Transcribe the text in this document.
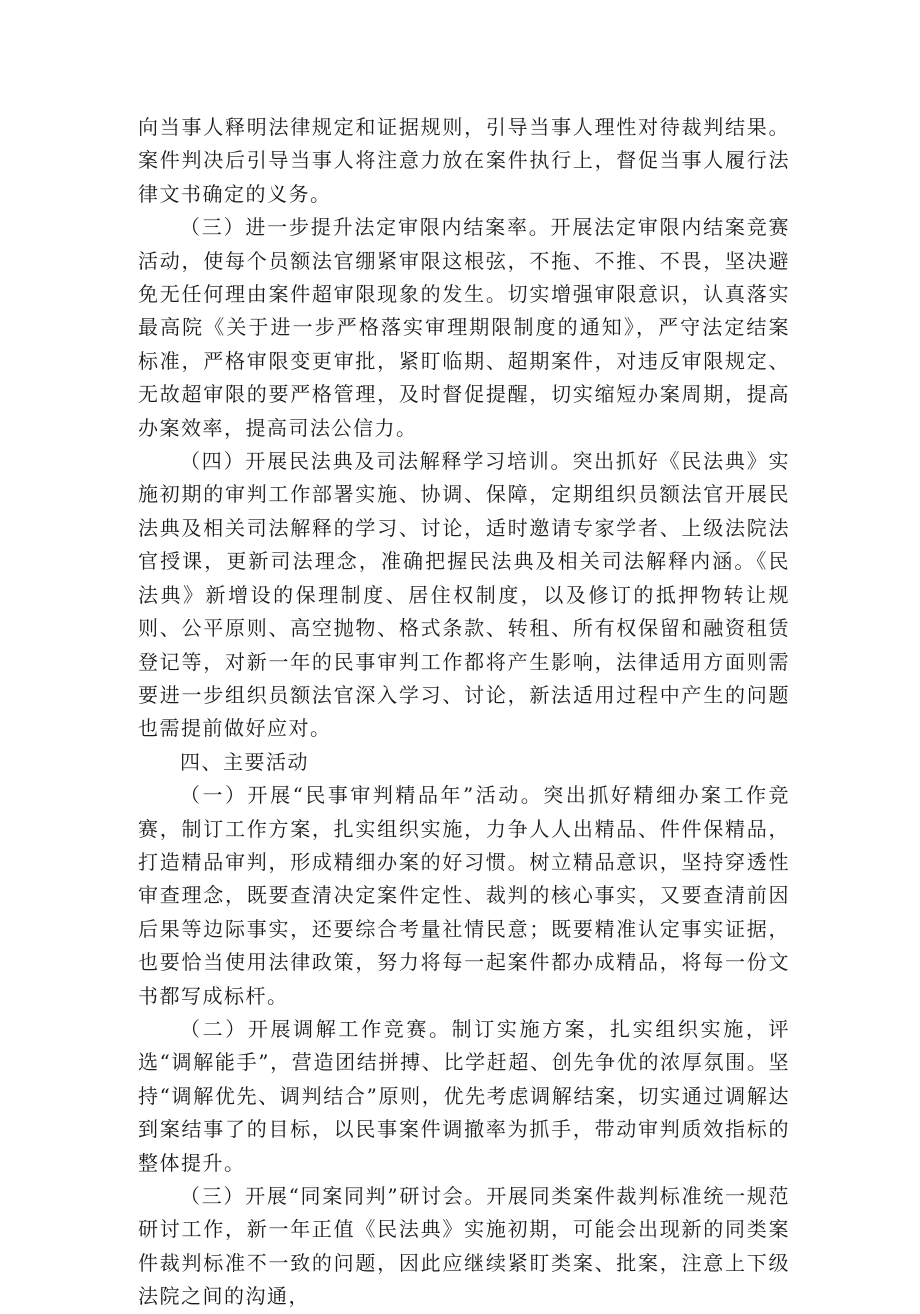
向当事人释明法律规定和证据规则，引导当事人理性对待裁判结果。案件判决后引导当事人将注意力放在案件执行上，督促当事人履行法律文书确定的义务。

（三）进一步提升法定审限内结案率。开展法定审限内结案竞赛活动，使每个员额法官绷紧审限这根弦，不拖、不推、不畏，坚决避免无任何理由案件超审限现象的发生。切实增强审限意识，认真落实最高院《关于进一步严格落实审理期限制度的通知》，严守法定结案标准，严格审限变更审批，紧盯临期、超期案件，对违反审限规定、无故超审限的要严格管理，及时督促提醒，切实缩短办案周期，提高办案效率，提高司法公信力。

（四）开展民法典及司法解释学习培训。突出抓好《民法典》实施初期的审判工作部署实施、协调、保障，定期组织员额法官开展民法典及相关司法解释的学习、讨论，适时邀请专家学者、上级法院法官授课，更新司法理念，准确把握民法典及相关司法解释内涵。《民法典》新增设的保理制度、居住权制度，以及修订的抵押物转让规则、公平原则、高空抛物、格式条款、转租、所有权保留和融资租赁登记等，对新一年的民事审判工作都将产生影响，法律适用方面则需要进一步组织员额法官深入学习、讨论，新法适用过程中产生的问题也需提前做好应对。

四、主要活动

（一）开展“民事审判精品年”活动。突出抓好精细办案工作竞赛，制订工作方案，扎实组织实施，力争人人出精品、件件保精品，打造精品审判，形成精细办案的好习惯。树立精品意识，坚持穿透性审查理念，既要查清决定案件定性、裁判的核心事实，又要查清前因后果等边际事实，还要综合考量社情民意；既要精准认定事实证据，也要恰当使用法律政策，努力将每一起案件都办成精品，将每一份文书都写成标杆。

（二）开展调解工作竞赛。制订实施方案，扎实组织实施，评选“调解能手”，营造团结拼搏、比学赶超、创先争优的浓厚氛围。坚持“调解优先、调判结合”原则，优先考虑调解结案，切实通过调解达到案结事了的目标，以民事案件调撤率为抓手，带动审判质效指标的整体提升。

（三）开展“同案同判”研讨会。开展同类案件裁判标准统一规范研讨工作，新一年正值《民法典》实施初期，可能会出现新的同类案件裁判标准不一致的问题，因此应继续紧盯类案、批案，注意上下级法院之间的沟通，
